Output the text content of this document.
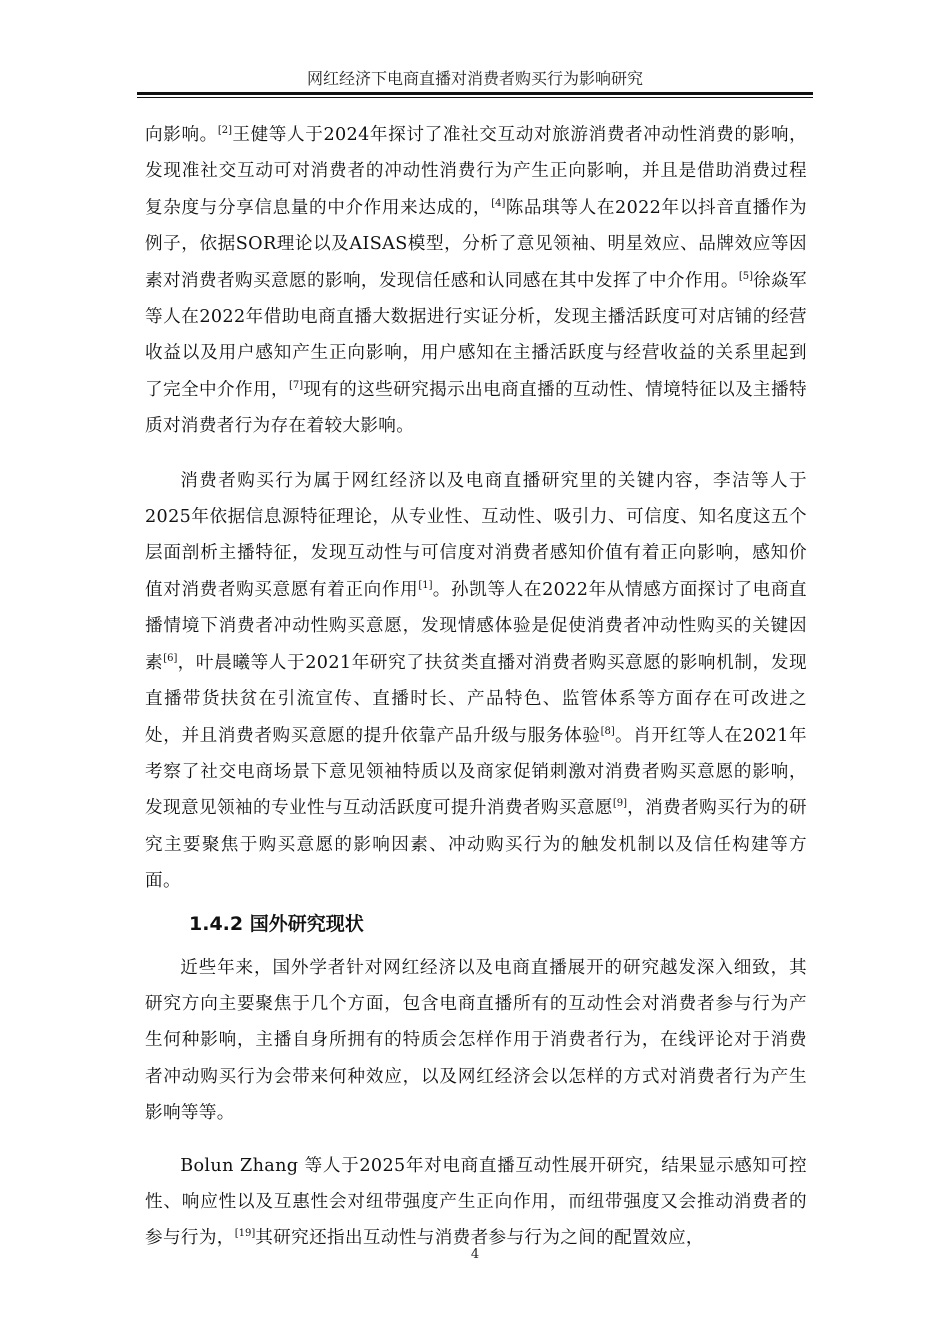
网红经济下电商直播对消费者购买行为影响研究

向影响。[2]王健等人于2024年探讨了准社交互动对旅游消费者冲动性消费的影响，发现准社交互动可对消费者的冲动性消费行为产生正向影响，并且是借助消费过程复杂度与分享信息量的中介作用来达成的，[4]陈品琪等人在2022年以抖音直播作为例子，依据SOR理论以及AISAS模型，分析了意见领袖、明星效应、品牌效应等因素对消费者购买意愿的影响，发现信任感和认同感在其中发挥了中介作用。[5]徐焱军等人在2022年借助电商直播大数据进行实证分析，发现主播活跃度可对店铺的经营收益以及用户感知产生正向影响，用户感知在主播活跃度与经营收益的关系里起到了完全中介作用，[7]现有的这些研究揭示出电商直播的互动性、情境特征以及主播特质对消费者行为存在着较大影响。

消费者购买行为属于网红经济以及电商直播研究里的关键内容，李洁等人于2025年依据信息源特征理论，从专业性、互动性、吸引力、可信度、知名度这五个层面剖析主播特征，发现互动性与可信度对消费者感知价值有着正向影响，感知价值对消费者购买意愿有着正向作用[1]。孙凯等人在2022年从情感方面探讨了电商直播情境下消费者冲动性购买意愿，发现情感体验是促使消费者冲动性购买的关键因素[6]，叶晨曦等人于2021年研究了扶贫类直播对消费者购买意愿的影响机制，发现直播带货扶贫在引流宣传、直播时长、产品特色、监管体系等方面存在可改进之处，并且消费者购买意愿的提升依靠产品升级与服务体验[8]。肖开红等人在2021年考察了社交电商场景下意见领袖特质以及商家促销刺激对消费者购买意愿的影响，发现意见领袖的专业性与互动活跃度可提升消费者购买意愿[9]，消费者购买行为的研究主要聚焦于购买意愿的影响因素、冲动购买行为的触发机制以及信任构建等方面。

1.4.2 国外研究现状

近些年来，国外学者针对网红经济以及电商直播展开的研究越发深入细致，其研究方向主要聚焦于几个方面，包含电商直播所有的互动性会对消费者参与行为产生何种影响，主播自身所拥有的特质会怎样作用于消费者行为，在线评论对于消费者冲动购买行为会带来何种效应，以及网红经济会以怎样的方式对消费者行为产生影响等等。

Bolun Zhang 等人于2025年对电商直播互动性展开研究，结果显示感知可控性、响应性以及互惠性会对纽带强度产生正向作用，而纽带强度又会推动消费者的参与行为，[19]其研究还指出互动性与消费者参与行为之间的配置效应，

4
